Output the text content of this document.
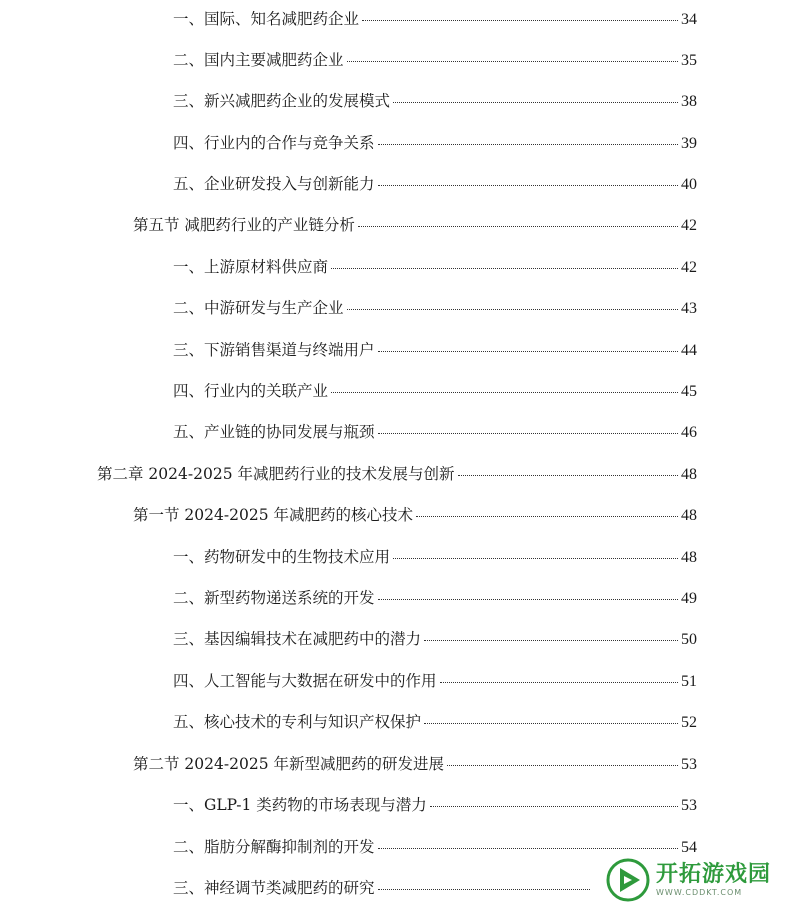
一、国际、知名减肥药企业	34
二、国内主要减肥药企业	35
三、新兴减肥药企业的发展模式	38
四、行业内的合作与竞争关系	39
五、企业研发投入与创新能力	40
第五节 减肥药行业的产业链分析	42
一、上游原材料供应商	42
二、中游研发与生产企业	43
三、下游销售渠道与终端用户	44
四、行业内的关联产业	45
五、产业链的协同发展与瓶颈	46
第二章 2024-2025 年减肥药行业的技术发展与创新	48
第一节 2024-2025 年减肥药的核心技术	48
一、药物研发中的生物技术应用	48
二、新型药物递送系统的开发	49
三、基因编辑技术在减肥药中的潜力	50
四、人工智能与大数据在研发中的作用	51
五、核心技术的专利与知识产权保护	52
第二节 2024-2025 年新型减肥药的研发进展	53
一、GLP-1 类药物的市场表现与潜力	53
二、脂肪分解酶抑制剂的开发	54
三、神经调节类减肥药的研究
开拓游戏园
WWW.CDDKT.COM
